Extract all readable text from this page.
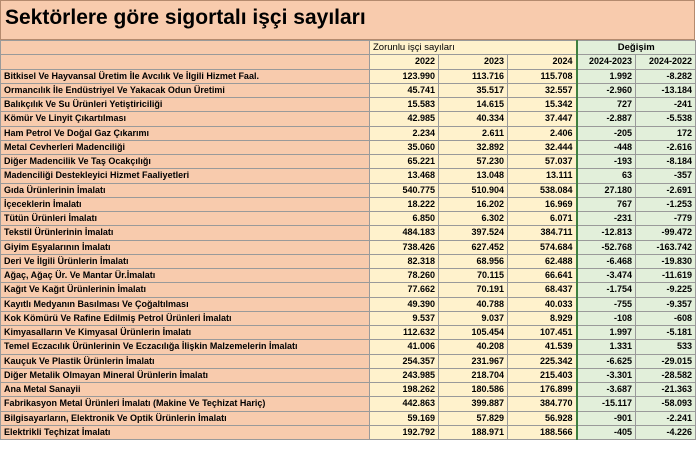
Sektörlere göre sigortalı işçi sayıları
	Zorunlu işçi sayıları			Değişim	
	2022	2023	2024	2024-2023	2024-2022
Bitkisel Ve Hayvansal Üretim İle Avcılık Ve İlgili Hizmet Faal.	123.990	113.716	115.708	1.992	-8.282
Ormancılık İle Endüstriyel Ve Yakacak Odun Üretimi	45.741	35.517	32.557	-2.960	-13.184
Balıkçılık Ve Su Ürünleri Yetiştiriciliği	15.583	14.615	15.342	727	-241
Kömür Ve Linyit Çıkartılması	42.985	40.334	37.447	-2.887	-5.538
Ham Petrol Ve Doğal Gaz Çıkarımı	2.234	2.611	2.406	-205	172
Metal Cevherleri Madenciliği	35.060	32.892	32.444	-448	-2.616
Diğer Madencilik Ve Taş Ocakçılığı	65.221	57.230	57.037	-193	-8.184
Madenciliği Destekleyici Hizmet Faaliyetleri	13.468	13.048	13.111	63	-357
Gıda Ürünlerinin İmalatı	540.775	510.904	538.084	27.180	-2.691
İçeceklerin İmalatı	18.222	16.202	16.969	767	-1.253
Tütün Ürünleri İmalatı	6.850	6.302	6.071	-231	-779
Tekstil Ürünlerinin İmalatı	484.183	397.524	384.711	-12.813	-99.472
Giyim Eşyalarının İmalatı	738.426	627.452	574.684	-52.768	-163.742
Deri Ve İlgili Ürünlerin İmalatı	82.318	68.956	62.488	-6.468	-19.830
Ağaç, Ağaç Ür. Ve Mantar Ür.İmalatı	78.260	70.115	66.641	-3.474	-11.619
Kağıt Ve Kağıt Ürünlerinin İmalatı	77.662	70.191	68.437	-1.754	-9.225
Kayıtlı Medyanın Basılması Ve Çoğaltılması	49.390	40.788	40.033	-755	-9.357
Kok Kömürü Ve Rafine Edilmiş Petrol Ürünleri İmalatı	9.537	9.037	8.929	-108	-608
Kimyasalların Ve Kimyasal Ürünlerin İmalatı	112.632	105.454	107.451	1.997	-5.181
Temel Eczacılık Ürünlerinin Ve Eczacılığa İlişkin Malzemelerin İmalatı	41.006	40.208	41.539	1.331	533
Kauçuk Ve Plastik Ürünlerin İmalatı	254.357	231.967	225.342	-6.625	-29.015
Diğer Metalik Olmayan Mineral Ürünlerin İmalatı	243.985	218.704	215.403	-3.301	-28.582
Ana Metal Sanayii	198.262	180.586	176.899	-3.687	-21.363
Fabrikasyon Metal Ürünleri İmalatı (Makine Ve Teçhizat Hariç)	442.863	399.887	384.770	-15.117	-58.093
Bilgisayarların, Elektronik Ve Optik Ürünlerin İmalatı	59.169	57.829	56.928	-901	-2.241
Elektrikli Teçhizat İmalatı	192.792	188.971	188.566	-405	-4.226
